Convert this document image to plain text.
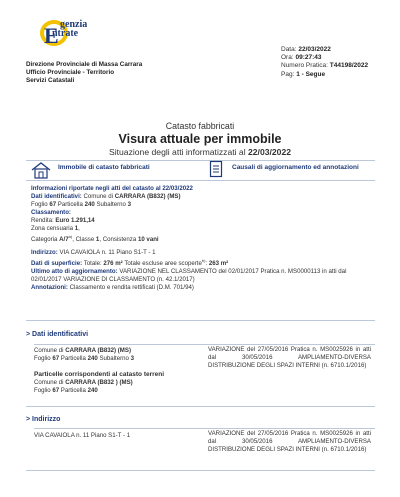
E genzia
ntrate
Direzione Provinciale di Massa Carrara
Ufficio Provinciale - Territorio
Servizi Catastali
Data: 22/03/2022
Ora: 09:27:43
Numero Pratica: T44198/2022
Pag: 1 - Segue
Catasto fabbricati
Visura attuale per immobile
Situazione degli atti informatizzati al 22/03/2022
Immobile di catasto fabbricati	Causali di aggiornamento ed annotazioni
Informazioni riportate negli atti del catasto al 22/03/2022
Dati identificativi: Comune di CARRARA (B832) (MS)
Foglio 67 Particella 240 Subalterno 3
Classamento:
Rendita: Euro 1.291,14
Zona censuaria 1,
Categoria A/7$^{a)}$, Classe 1, Consistenza 10 vani
Indirizzo: VIA CAVAIOLA n. 11 Piano S1-T - 1
Dati di superficie: Totale: 276 m² Totale escluse aree scoperte$^{b)}$: 263 m²
Ultimo atto di aggiornamento: VARIAZIONE NEL CLASSAMENTO del 02/01/2017 Pratica n. MS0000113 in atti dal 02/01/2017 VARIAZIONE DI CLASSAMENTO (n. 42.1/2017)
Annotazioni: Classamento e rendita rettificati (D.M. 701/94)
> Dati identificativi
Comune di CARRARA (B832) (MS)
Foglio 67 Particella 240 Subalterno 3
Particelle corrispondenti al catasto terreni
Comune di CARRARA (B832 ) (MS)
Foglio 67 Particella 240
VARIAZIONE del 27/05/2016 Pratica n. MS0025926 in atti dal 30/05/2016 AMPLIAMENTO-DIVERSA DISTRIBUZIONE DEGLI SPAZI INTERNI (n. 6710.1/2016)
> Indirizzo
VIA CAVAIOLA n. 11 Piano S1-T - 1	VARIAZIONE del 27/05/2016 Pratica n. MS0025926 in atti dal 30/05/2016 AMPLIAMENTO-DIVERSA DISTRIBUZIONE DEGLI SPAZI INTERNI (n. 6710.1/2016)
